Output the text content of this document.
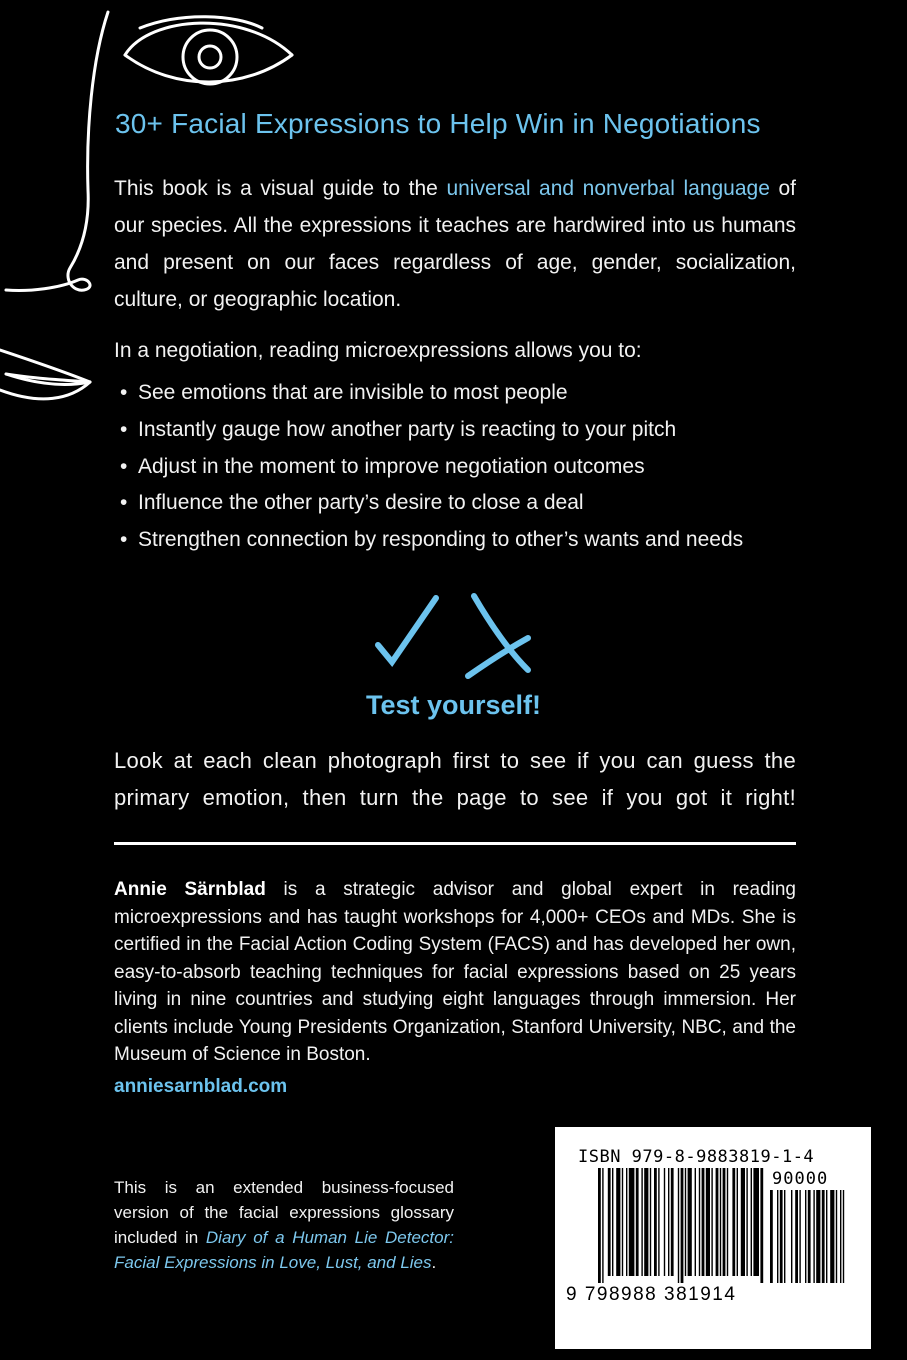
30+ Facial Expressions to Help Win in Negotiations

This book is a visual guide to the universal and nonverbal language of our species. All the expressions it teaches are hardwired into us humans and present on our faces regardless of age, gender, socialization, culture, or geographic location.

In a negotiation, reading microexpressions allows you to:
• See emotions that are invisible to most people
• Instantly gauge how another party is reacting to your pitch
• Adjust in the moment to improve negotiation outcomes
• Influence the other party’s desire to close a deal
• Strengthen connection by responding to other’s wants and needs
Test yourself!

Look at each clean photograph first to see if you can guess the primary emotion, then turn the page to see if you got it right!

Annie Särnblad is a strategic advisor and global expert in reading microexpressions and has taught workshops for 4,000+ CEOs and MDs. She is certified in the Facial Action Coding System (FACS) and has developed her own, easy-to-absorb teaching techniques for facial expressions based on 25 years living in nine countries and studying eight languages through immersion. Her clients include Young Presidents Organization, Stanford University, NBC, and the Museum of Science in Boston.

anniesarnblad.com

This is an extended business-focused version of the facial expressions glossary included in Diary of a Human Lie Detector: Facial Expressions in Love, Lust, and Lies.

ISBN 979-8-9883819-1-4
90000
9 798988 381914
